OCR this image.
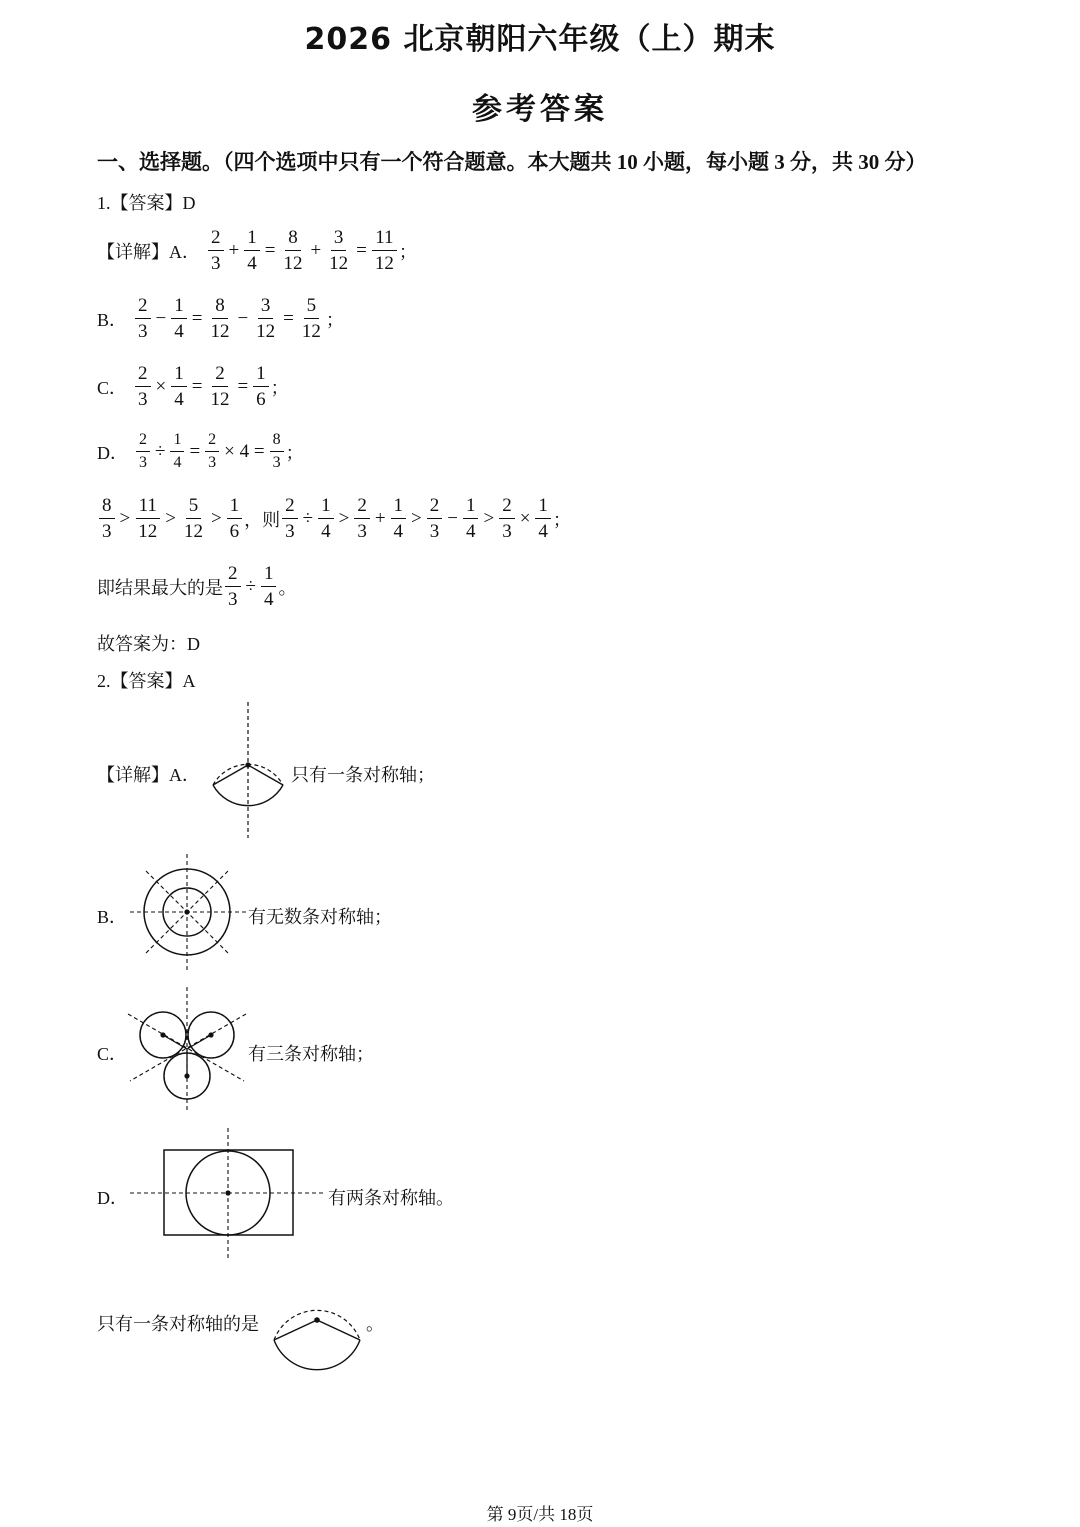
2026 北京朝阳六年级（上）期末
参考答案
一、选择题。（四个选项中只有一个符合题意。本大题共 10 小题，每小题 3 分，共 30 分）
1.【答案】D
【详解】A． $\frac{2}{3} + \frac{1}{4} = \frac{8}{12} + \frac{3}{12} = \frac{11}{12}$ ；
B． $\frac{2}{3} - \frac{1}{4} = \frac{8}{12} - \frac{3}{12} = \frac{5}{12}$ ；
C． $\frac{2}{3} \times \frac{1}{4} = \frac{2}{12} = \frac{1}{6}$ ；
D． $\frac{2}{3} \div \frac{1}{4} = \frac{2}{3} \times 4 = \frac{8}{3}$ ；
$\frac{8}{3} > \frac{11}{12} > \frac{5}{12} > \frac{1}{6}$ ，则 $\frac{2}{3} \div \frac{1}{4} > \frac{2}{3} + \frac{1}{4} > \frac{2}{3} - \frac{1}{4} > \frac{2}{3} \times \frac{1}{4}$ ；
即结果最大的是 $\frac{2}{3} \div \frac{1}{4}$ 。
故答案为：D
2.【答案】A
【详解】A．	只有一条对称轴；
B．	有无数条对称轴；
C．	有三条对称轴；
D．	有两条对称轴。
只有一条对称轴的是	。
第 9页/共 18页
